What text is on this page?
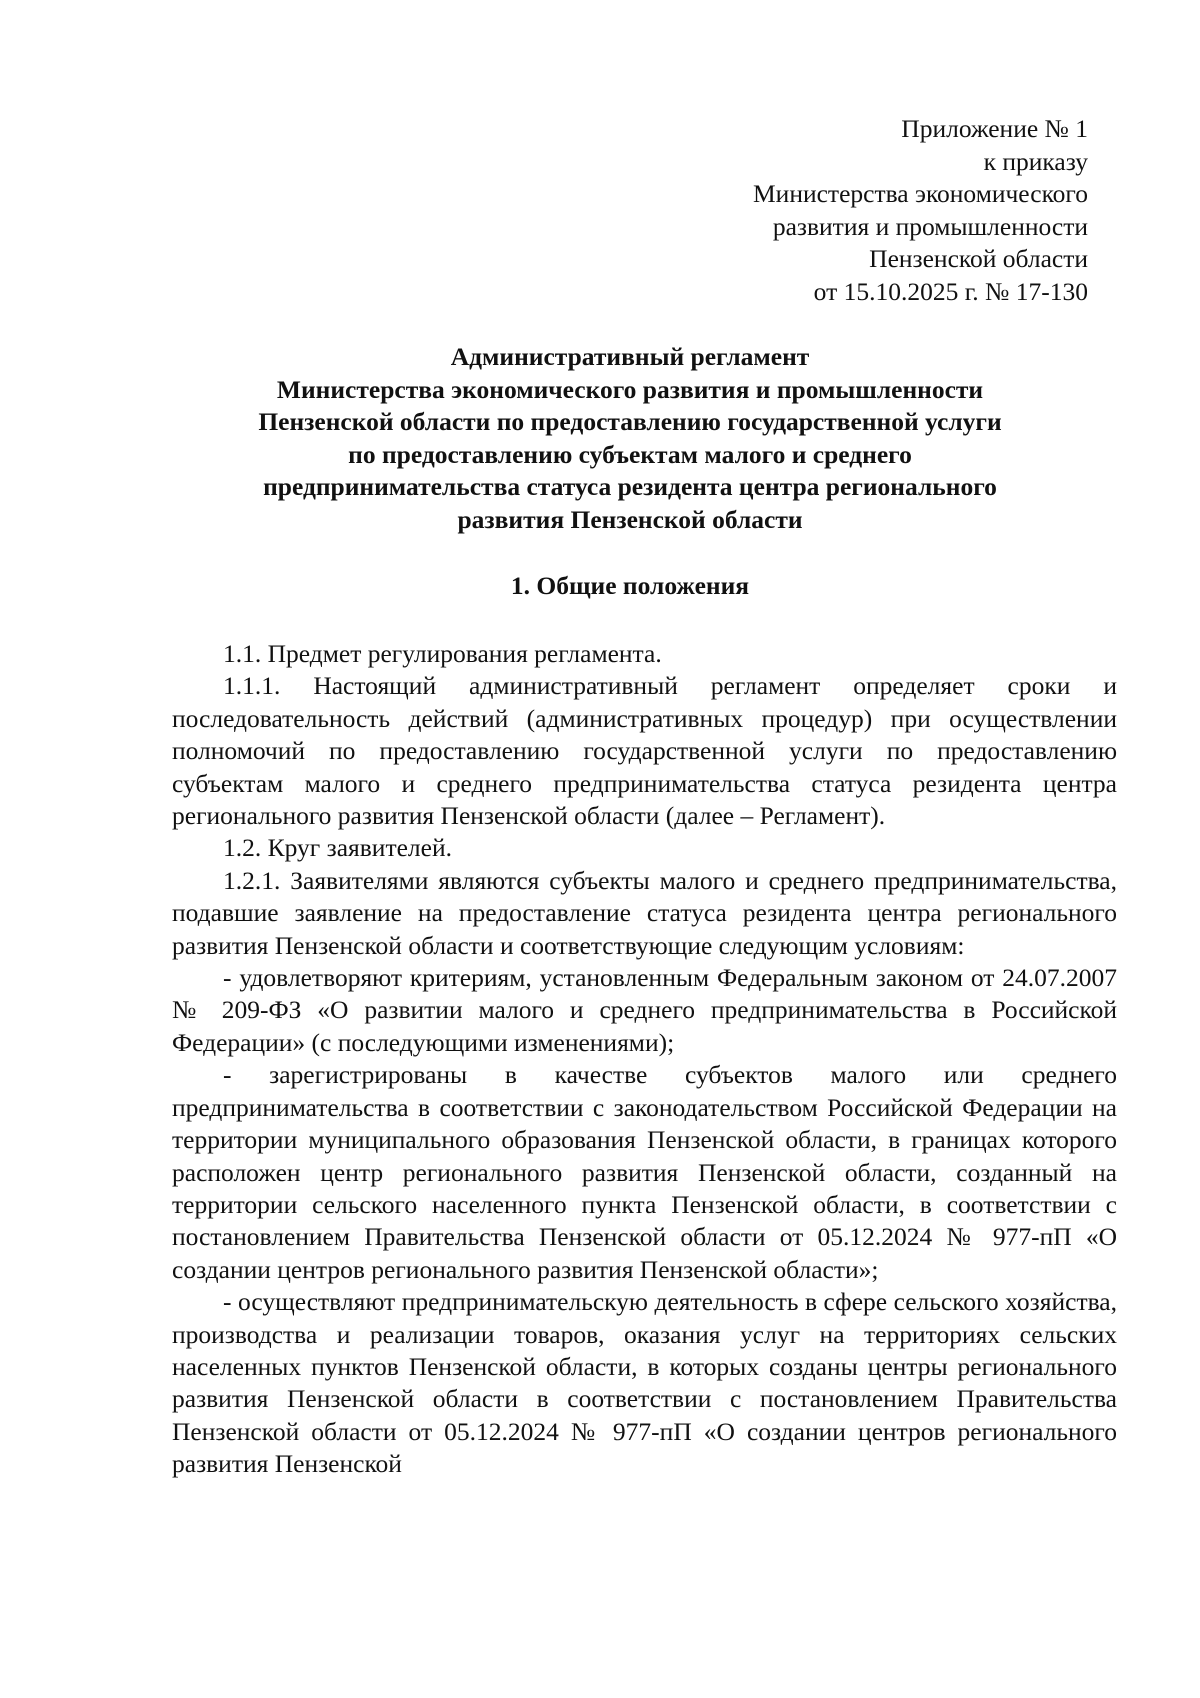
Приложение № 1
к приказу
Министерства экономического
развития и промышленности
Пензенской области
от 15.10.2025 г. № 17-130
Административный регламент
Министерства экономического развития и промышленности
Пензенской области по предоставлению государственной услуги
по предоставлению субъектам малого и среднего
предпринимательства статуса резидента центра регионального
развития Пензенской области
1. Общие положения

1.1. Предмет регулирования регламента.

1.1.1. Настоящий административный регламент определяет сроки и последовательность действий (административных процедур) при осуществлении полномочий по предоставлению государственной услуги по предоставлению субъектам малого и среднего предпринимательства статуса резидента центра регионального развития Пензенской области (далее – Регламент).

1.2. Круг заявителей.

1.2.1. Заявителями являются субъекты малого и среднего предпринимательства, подавшие заявление на предоставление статуса резидента центра регионального развития Пензенской области и соответствующие следующим условиям:

- удовлетворяют критериям, установленным Федеральным законом от 24.07.2007 № 209-ФЗ «О развитии малого и среднего предпринимательства в Российской Федерации» (с последующими изменениями);

- зарегистрированы в качестве субъектов малого или среднего предпринимательства в соответствии с законодательством Российской Федерации на территории муниципального образования Пензенской области, в границах которого расположен центр регионального развития Пензенской области, созданный на территории сельского населенного пункта Пензенской области, в соответствии с постановлением Правительства Пензенской области от 05.12.2024 № 977-пП «О создании центров регионального развития Пензенской области»;

- осуществляют предпринимательскую деятельность в сфере сельского хозяйства, производства и реализации товаров, оказания услуг на территориях сельских населенных пунктов Пензенской области, в которых созданы центры регионального развития Пензенской области в соответствии с постановлением Правительства Пензенской области от 05.12.2024 № 977-пП «О создании центров регионального развития Пензенской
